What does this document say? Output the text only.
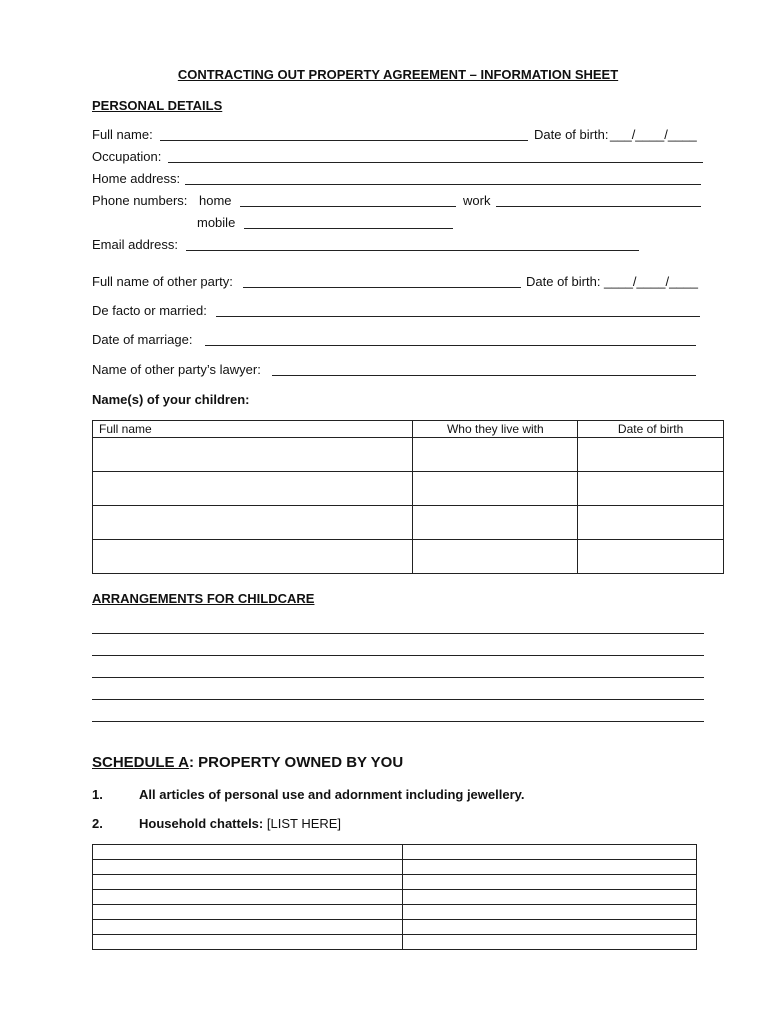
CONTRACTING OUT PROPERTY AGREEMENT – INFORMATION SHEET
PERSONAL DETAILS
Full name:	Date of birth: ___/____/____
Occupation:
Home address:
Phone numbers: home	work
mobile
Email address:
Full name of other party:	Date of birth: ____/____/____
De facto or married:
Date of marriage:
Name of other party’s lawyer:
Name(s) of your children:
Full name	Who they live with	Date of birth

ARRANGEMENTS FOR CHILDCARE
SCHEDULE A: PROPERTY OWNED BY YOU
1.	All articles of personal use and adornment including jewellery.
2.	Household chattels: [LIST HERE]
